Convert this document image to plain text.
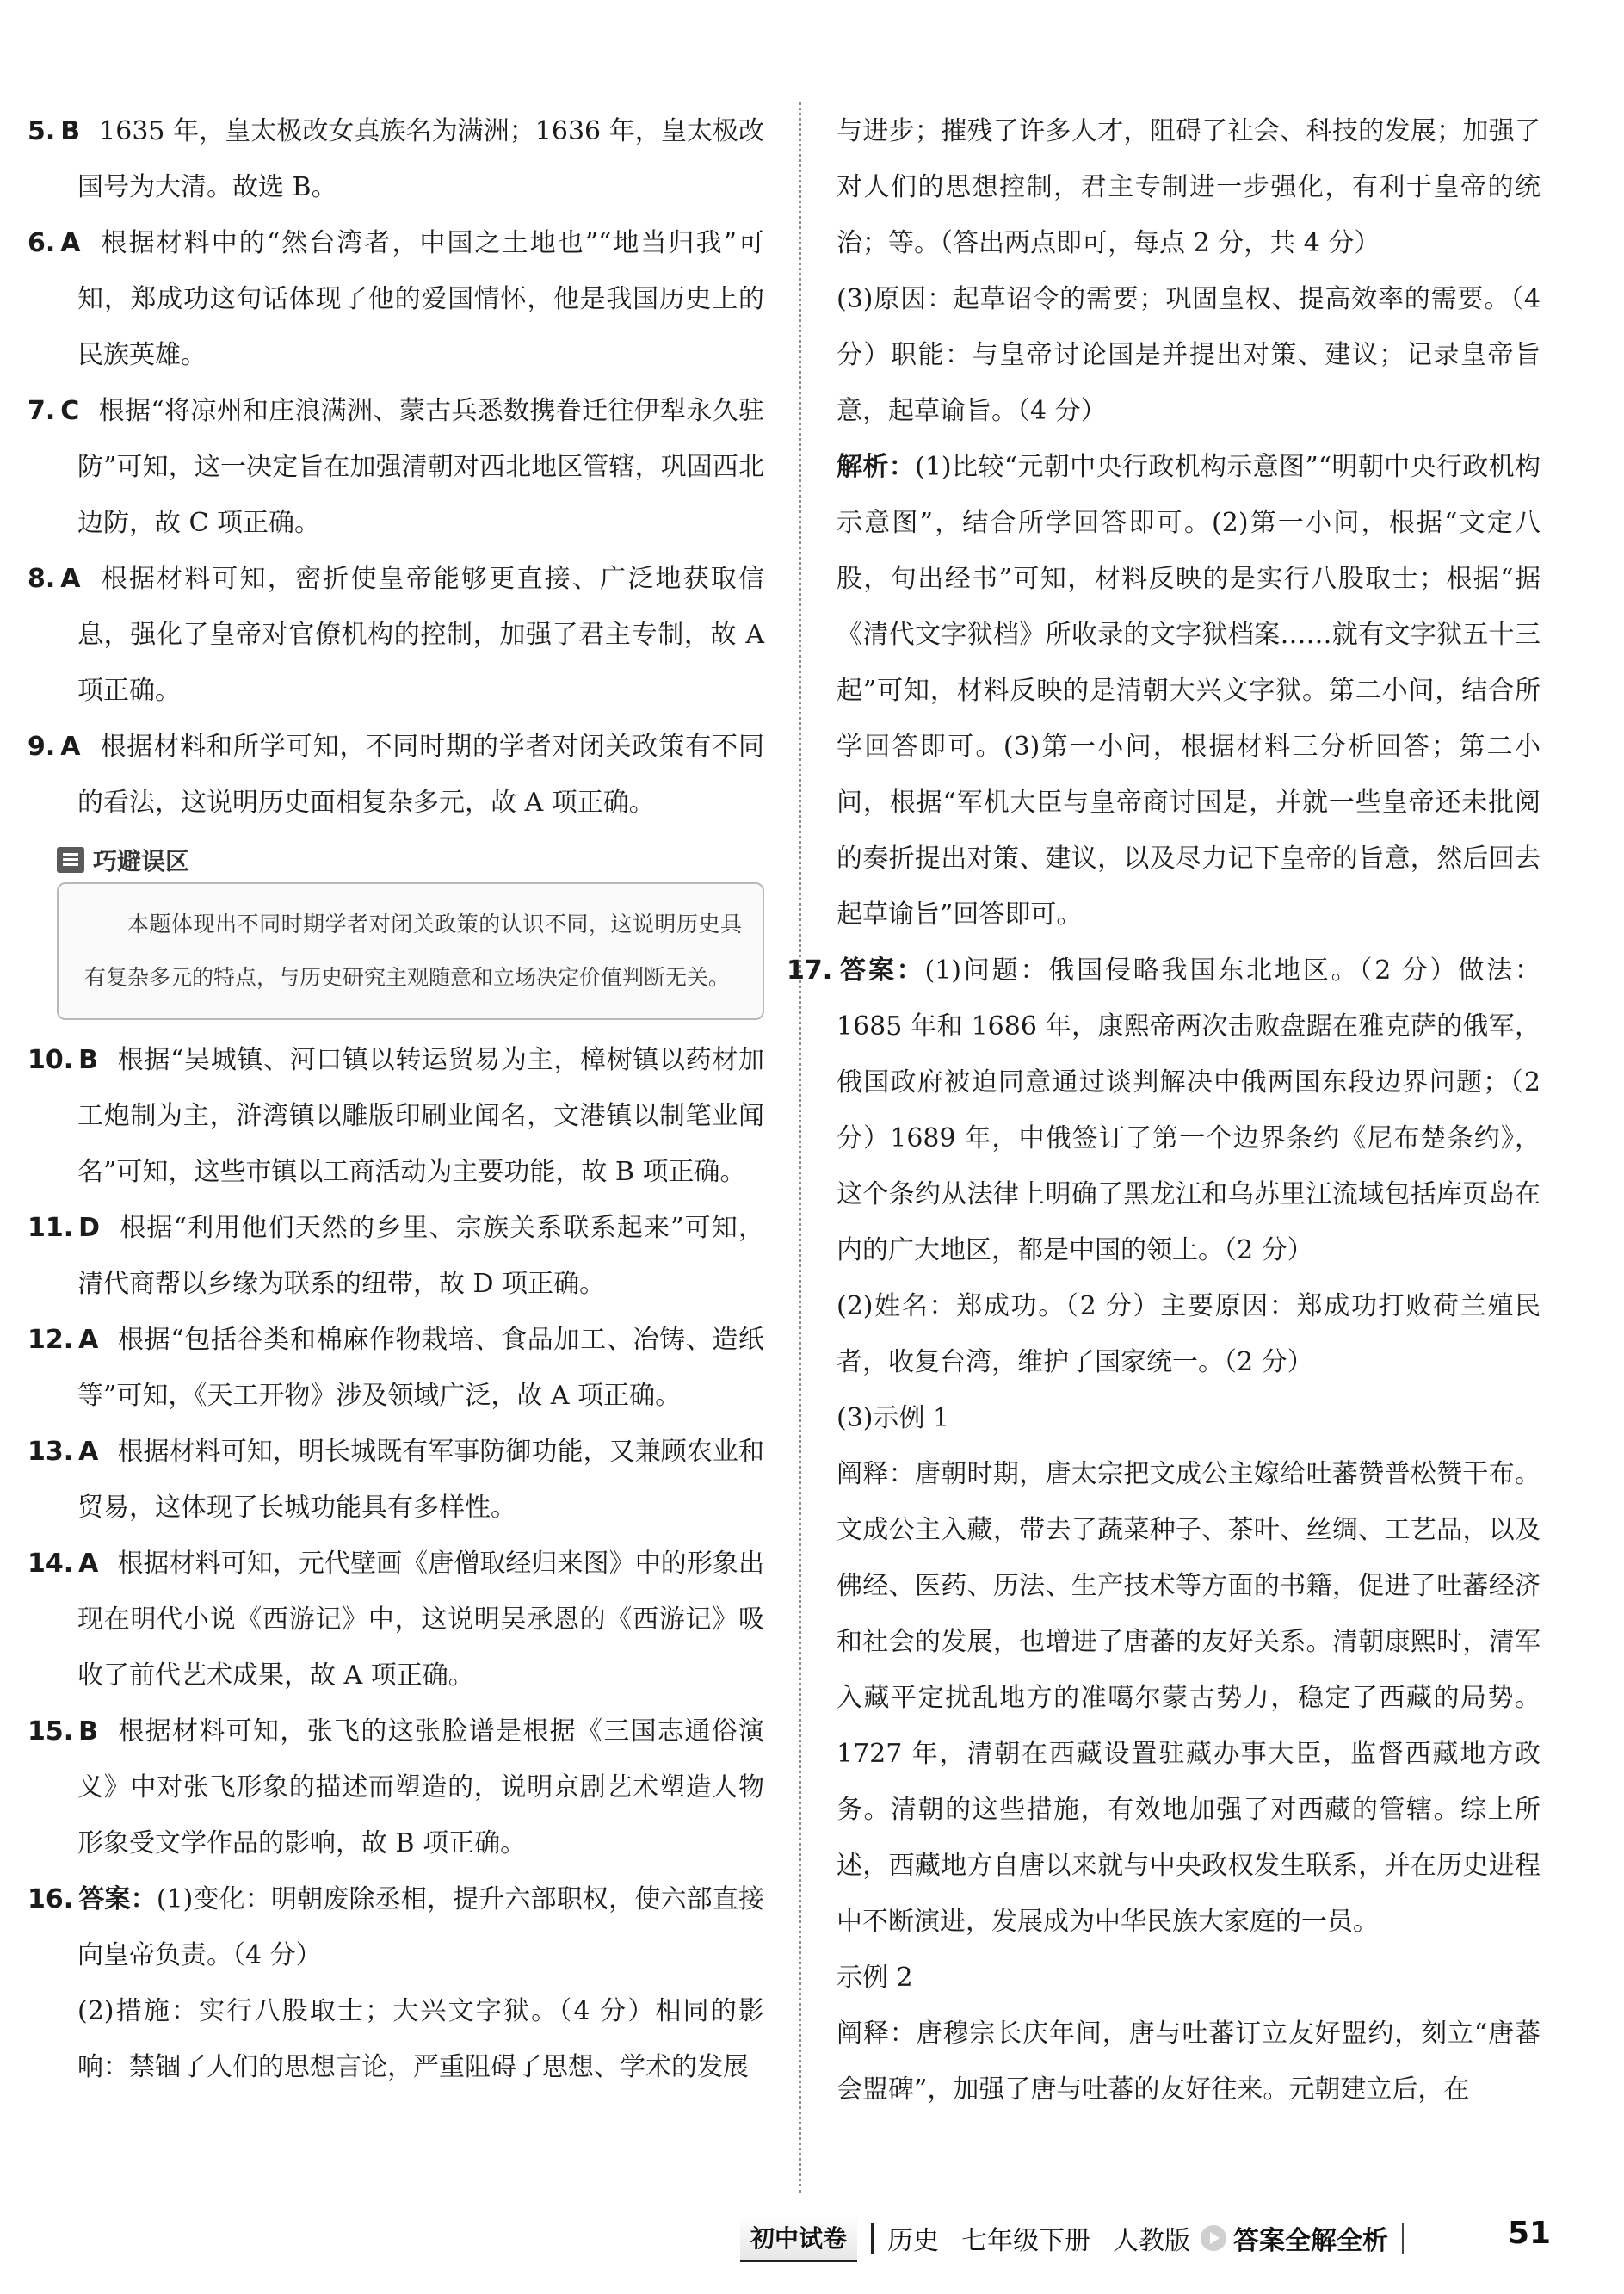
5. B 1635 年，皇太极改女真族名为满洲；1636 年，皇太极改国号为大清。故选 B。

6. A 根据材料中的“然台湾者，中国之土地也”“地当归我”可知，郑成功这句话体现了他的爱国情怀，他是我国历史上的民族英雄。

7. C 根据“将凉州和庄浪满洲、蒙古兵悉数携眷迁往伊犁永久驻防”可知，这一决定旨在加强清朝对西北地区管辖，巩固西北边防，故 C 项正确。

8. A 根据材料可知，密折使皇帝能够更直接、广泛地获取信息，强化了皇帝对官僚机构的控制，加强了君主专制，故 A 项正确。

9. A 根据材料和所学可知，不同时期的学者对闭关政策有不同的看法，这说明历史面相复杂多元，故 A 项正确。

巧避误区
本题体现出不同时期学者对闭关政策的认识不同，这说明历史具有复杂多元的特点，与历史研究主观随意和立场决定价值判断无关。

10. B 根据“吴城镇、河口镇以转运贸易为主，樟树镇以药材加工炮制为主，浒湾镇以雕版印刷业闻名，文港镇以制笔业闻名”可知，这些市镇以工商活动为主要功能，故 B 项正确。

11. D 根据“利用他们天然的乡里、宗族关系联系起来”可知，清代商帮以乡缘为联系的纽带，故 D 项正确。

12. A 根据“包括谷类和棉麻作物栽培、食品加工、冶铸、造纸等”可知，《天工开物》涉及领域广泛，故 A 项正确。

13. A 根据材料可知，明长城既有军事防御功能，又兼顾农业和贸易，这体现了长城功能具有多样性。

14. A 根据材料可知，元代壁画《唐僧取经归来图》中的形象出现在明代小说《西游记》中，这说明吴承恩的《西游记》吸收了前代艺术成果，故 A 项正确。

15. B 根据材料可知，张飞的这张脸谱是根据《三国志通俗演义》中对张飞形象的描述而塑造的，说明京剧艺术塑造人物形象受文学作品的影响，故 B 项正确。

16. 答案：(1)变化：明朝废除丞相，提升六部职权，使六部直接向皇帝负责。（4 分）

(2)措施：实行八股取士；大兴文字狱。（4 分）相同的影响：禁锢了人们的思想言论，严重阻碍了思想、学术的发展

与进步；摧残了许多人才，阻碍了社会、科技的发展；加强了对人们的思想控制，君主专制进一步强化，有利于皇帝的统治；等。（答出两点即可，每点 2 分，共 4 分）

(3)原因：起草诏令的需要；巩固皇权、提高效率的需要。（4 分）职能：与皇帝讨论国是并提出对策、建议；记录皇帝旨意，起草谕旨。（4 分）

解析：(1)比较“元朝中央行政机构示意图”“明朝中央行政机构示意图”，结合所学回答即可。(2)第一小问，根据“文定八股，句出经书”可知，材料反映的是实行八股取士；根据“据《清代文字狱档》所收录的文字狱档案……就有文字狱五十三起”可知，材料反映的是清朝大兴文字狱。第二小问，结合所学回答即可。(3)第一小问，根据材料三分析回答；第二小问，根据“军机大臣与皇帝商讨国是，并就一些皇帝还未批阅的奏折提出对策、建议，以及尽力记下皇帝的旨意，然后回去起草谕旨”回答即可。

17. 答案：(1)问题：俄国侵略我国东北地区。（2 分）做法：1685 年和 1686 年，康熙帝两次击败盘踞在雅克萨的俄军，俄国政府被迫同意通过谈判解决中俄两国东段边界问题；（2 分）1689 年，中俄签订了第一个边界条约《尼布楚条约》，这个条约从法律上明确了黑龙江和乌苏里江流域包括库页岛在内的广大地区，都是中国的领土。（2 分）

(2)姓名：郑成功。（2 分）主要原因：郑成功打败荷兰殖民者，收复台湾，维护了国家统一。（2 分）

(3)示例 1

阐释：唐朝时期，唐太宗把文成公主嫁给吐蕃赞普松赞干布。文成公主入藏，带去了蔬菜种子、茶叶、丝绸、工艺品，以及佛经、医药、历法、生产技术等方面的书籍，促进了吐蕃经济和社会的发展，也增进了唐蕃的友好关系。清朝康熙时，清军入藏平定扰乱地方的准噶尔蒙古势力，稳定了西藏的局势。1727 年，清朝在西藏设置驻藏办事大臣，监督西藏地方政务。清朝的这些措施，有效地加强了对西藏的管辖。综上所述，西藏地方自唐以来就与中央政权发生联系，并在历史进程中不断演进，发展成为中华民族大家庭的一员。

示例 2

阐释：唐穆宗长庆年间，唐与吐蕃订立友好盟约，刻立“唐蕃会盟碑”，加强了唐与吐蕃的友好往来。元朝建立后，在

初中试卷	历史 七年级下册 人教版 答案全解全析	51
